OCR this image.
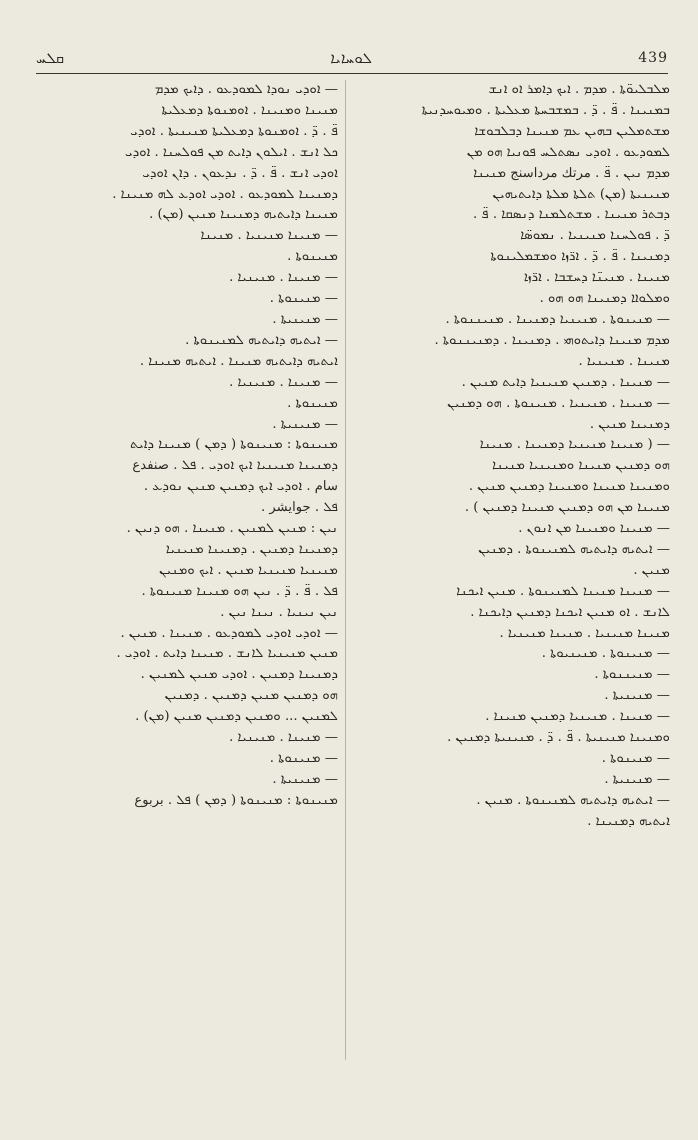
ܩܠܚ	ܠܘܚܐܝܐ	439

ܡܠܒܠܝܘ̈ܬܐ . ܡܕܡ . ܐܝܟ ܕܐܡܪ ܐܘ ܐܢܫ

ܒܡܢܝܢܐ . ܦ̈ . ܕ̈ . ܒܡܫܒܚܬܐ ܡܥܠܝܬܐ . ܘܡܝܘܚܕܢܝܬܐ

ܡܫܬܡܠܝܢ ܒܗܝܢ ܥܡ ܡܢܝܢܐ ܕܒܠܒܘܫܐ

ܠܡܘܕܥܘ . ܐܘܕܝ ܢܣܬܠܚ ܦܘܢܝܐ ܗܘ ܡܢ

ܡܕܡ ܢܝܢ . ܦ̈ . مرتك مرداسنج ܡܢܝܢܐ

ܡܢܝܢܝܬܐ (ܡܢ) ܬܠܬܐ ܡܠܬܐ ܕܐܝܬܝܗܝܢ

ܕܒܬܪ ܡܢܝܢܐ . ܡܫܬܠܡܢܐ ܕܢܣܩܐ . ܦ̈ .

ܕ̈ . ܦܘܠܚܢܐ ܡܢܝܢܝܐ . ܢܡܘܣ̈ܐ

ܕܡܢܝܢܐ . ܦ̈ . ܕ̈ . ܐܪ̈ܙܐ ܘܡܫܡܠܝܢܘܬܐ

ܡܢܝܢܐ . ܡܢܝܢ̈ܐ ܕܚܫܒܐ . ܐܪ̈ܙܐ

ܘܡܠܘܐܐ ܕܡܢܝܢܐ ܗܘ ܗܘ .

— ܡܢܝܢܘܬܐ . ܡܢܝܢܝܐ ܕܡܢܝܢܐ . ܡܢܝܢܢܘܬܐ .

ܡܕܡ ܡܢܝܢܐ ܕܐܝܬܘܗܝ . ܕܡܢܝܢܐ . ܕܡܢܝܢܢܘܬܐ .

ܡܢܝܢܐ . ܡܢܝܢܝܐ .

— ܡܢܝܢܐ . ܕܡܢܝܢ ܡܢܝܢܝܐ ܕܐܝܬ ܡܢܝܢ .

— ܡܢܝܢܐ . ܡܢܝܢܝܐ . ܡܢܝܢܘܬܐ . ܗܘ ܕܡܢܝܢ

ܕܡܢܝܢܐ ܡܢܝܢ .

— ( ܡܢܝܢܐ ܡܢܝܢܝܐ ܕܡܢܝܢܐ . ܡܢܝܢܐ

ܗܘ ܕܡܢܝܢ ܡܢܝܢܐ ܘܡܢܝܢܝܐ ܡܢܝܢܐ

ܘܡܢܝܢܐ ܡܢܝܢܐ ܘܡܢܝܢܐ ܕܡܢܝܢ ܡܢܝܢ .

ܡܢܝܢܐ ܡܢ ܗܘ ܕܡܢܝܢ ܡܢܝܢܐ ܕܡܢܝܢ ) .

— ܡܢܝܢܐ ܘܡܢܝܢܐ ܡܢ ܐܢܘܢ .

— ܐܝܬܝܗ ܕܐܝܬܝܗ ܠܡܢܝܢܘܬܐ . ܕܡܢܝܢ

ܡܢܝܢ .

— ܡܢܝܢܐ ܡܢܝܢܐ ܠܡܢܝܢܘܬܐ . ܡܢܝܢ ܐܝܟܢܐ

ܠܐܢܫ . ܐܘ ܡܢܝܢ ܐܝܟܢܐ ܕܡܢܝܢ ܕܐܝܟܢܐ .

ܡܢܝܢܐ ܡܢܝܢܝܐ . ܡܢܝܢܐ ܡܢܝܢܝܐ .

— ܡܢܝܢܘܬܐ . ܡܢܝܢܝܘܬܐ .

— ܡܢܝܢܢܘܬܐ .

— ܡܢܝܢܝܬܐ .

— ܡܢܝܢܐ . ܡܢܝܢܝܐ ܕܡܢܝܢ ܡܢܝܢܐ .

ܘܡܢܝܢܐ ܡܢܝܢܝܬܐ . ܦ̈ . ܕ̈ . ܡܢܝܢܝܬܐ ܕܡܢܝܢ .

— ܡܢܝܢܘܬܐ .

— ܡܢܝܢܝܬܐ .

— ܐܝܬܝܗ ܕܐܝܬܝܗ ܠܡܢܝܢܘܬܐ . ܡܢܝܢ .

ܐܝܬܝܗ ܕܡܢܝܢܐ .

— ܐܘܕܝ ܢܘܕܐ ܠܡܘܕܥܘ . ܕܐܝܟ ܡܕܡ

ܡܢܝܢܐ ܘܡܢܝܢܐ . ܐܘܡܢܘܬܐ ܕܡܥܠܝܬܐ

ܦ̈ . ܕ̈ . ܐܘܡܢܘܬܐ ܕܡܥܠܝܬܐ ܡܢܝܢܝܬܐ . ܐܘܕܝ

ܟܠ ܐܢܫ . ܐܝܠܘܢ ܕܐܝܬ ܡܢ ܦܘܠܚܢܐ . ܐܘܕܝ

ܐܘܕܝ ܐܢܫ . ܦ̈ . ܕ̈ . ܢܕܥܘܢ . ܕܐܢ ܐܘܕܝ

ܕܡܢܝܢܐ ܠܡܘܕܥܘ . ܐܘܕܝ ܐܘܕܥ ܠܗ ܡܢܝܢܐ .

ܡܢܝܢܐ ܕܐܝܬܝܗ ܕܡܢܝܢܐ ܡܢܝܢ (ܡܢ) .

— ܡܢܝܢܐ ܡܢܝܢܝܐ . ܡܢܝܢܐ

ܡܢܝܢܘܬܐ .

— ܡܢܝܢܐ . ܡܢܝܢܝܐ .

— ܡܢܝܢܘܬܐ .

— ܡܢܝܢܝܬܐ .

— ܐܝܬܝܗ ܕܐܝܬܝܗ ܠܡܢܝܢܘܬܐ .

ܐܝܬܝܗ ܕܐܝܬܝܗ ܡܢܝܢܐ . ܐܝܬܝܗ ܡܢܝܢܐ .

— ܡܢܝܢܐ . ܡܢܝܢܝܐ .

ܡܢܝܢܘܬܐ .

— ܡܢܝܢܝܬܐ .

ܡܢܝܢܘܬܐ : ܡܢܝܢܘܬܐ ( ܕܡܢ ) ܡܢܝܢܐ ܕܐܝܬ

ܕܡܢܝܢܐ ܡܢܝܢܝܐ ܐܝܟ ܐܘܕܝ . ܦܠ . صنفدع

سام . ܐܘܕܝ ܐܝܟ ܕܡܢܝܢ ܡܢܝܢ ܢܘܕܥ .

ܦܠ . جوايشر .

ܢܝܢ : ܡܢܝܢ ܠܡܢܝܢ . ܡܢܝܢܐ . ܗܘ ܕܢܝܢ .

ܕܡܢܝܢܐ ܕܡܢܝܢ . ܕܡܢܝܢܐ ܡܢܝܢܝܐ

ܡܢܝܢܝܐ ܡܢܝܢܝܐ ܡܢܝܢ . ܐܝܟ ܘܡܢܝܢ

ܦܠ . ܦ̈ . ܕ̈ . ܢܝܢ ܗܘ ܡܢܝܢܐ ܡܢܝܢܘܬܐ .

ܢܝܢ ܢܝܢܝܐ . ܢܝܢܐ ܢܝܢ .

— ܐܘܕܝ ܐܘܕܝ ܠܡܘܕܥܘ . ܡܢܝܢܐ . ܡܢܝܢ .

ܡܢܝܢ ܡܢܝܢܝܐ ܠܐܢܫ . ܡܢܝܢܐ ܕܐܝܬ . ܐܘܕܝ .

ܕܡܢܝܢܐ ܕܡܢܝܢ . ܐܘܕܝ ܡܢܝܢ ܠܡܢܝܢ .

ܗܘ ܕܡܢܝܢ ܡܢܝܢ ܕܡܢܝܢ . ܕܡܢܝܢ

ܠܡܢܝܢ ... ܘܡܢܝܢ ܕܡܢܝܢ ܡܢܝܢ (ܡܢ) .

— ܡܢܝܢܐ . ܡܢܝܢܝܐ .

— ܡܢܝܢܘܬܐ .

— ܡܢܝܢܝܬܐ .

ܡܢܝܢܘܬܐ : ܡܢܝܢܘܬܐ ( ܕܡܢ ) ܦܠ . بربوع
